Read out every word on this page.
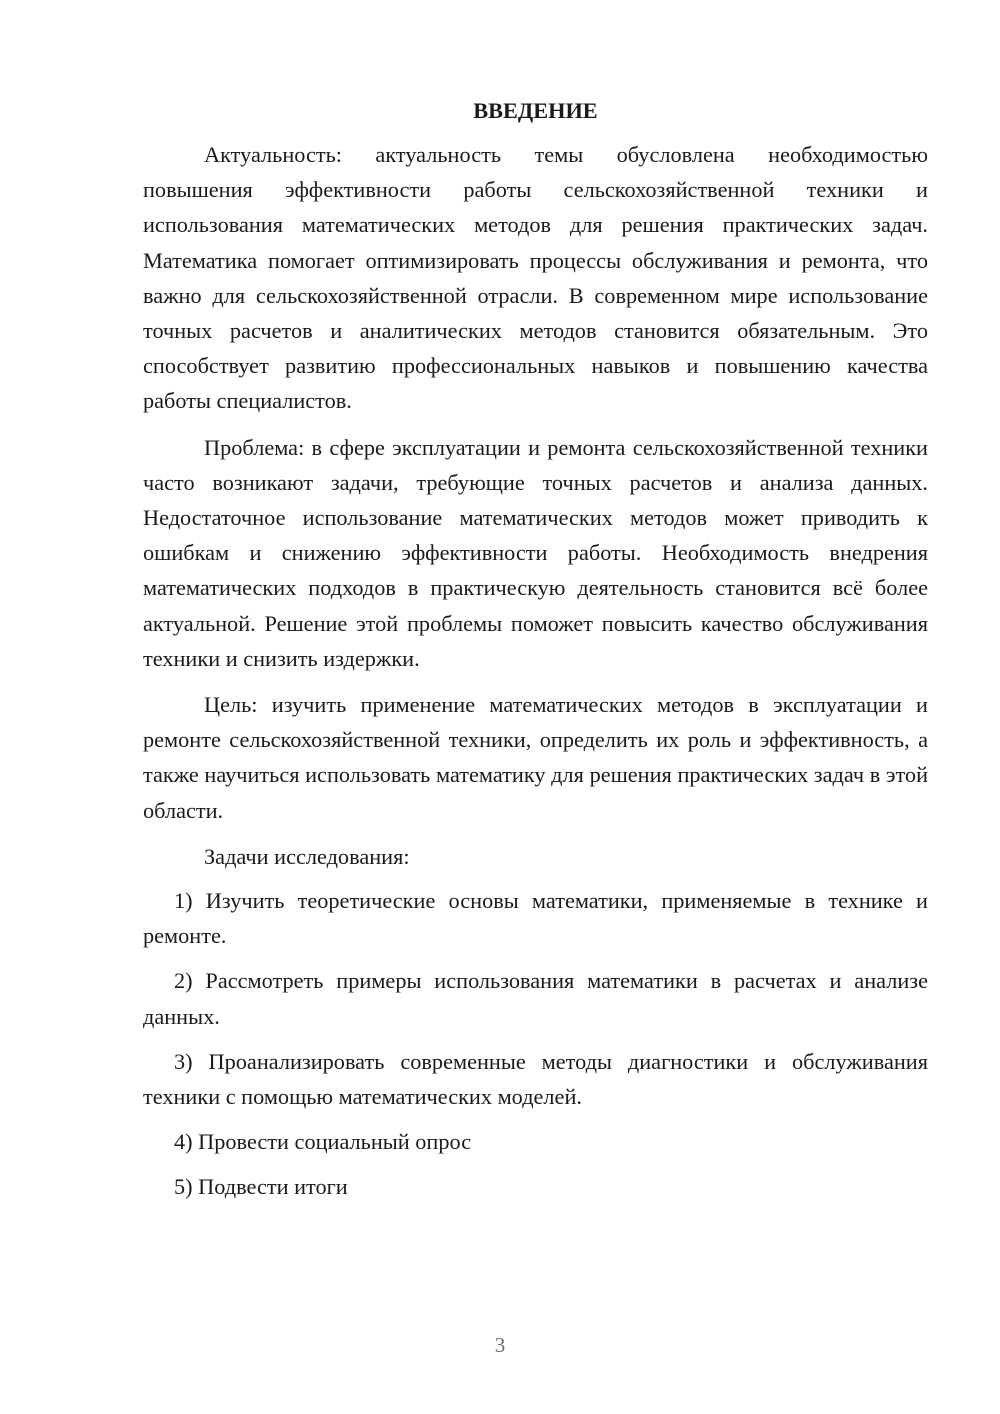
ВВЕДЕНИЕ

Актуальность: актуальность темы обусловлена необходимостью повышения эффективности работы сельскохозяйственной техники и использования математических методов для решения практических задач. Математика помогает оптимизировать процессы обслуживания и ремонта, что важно для сельскохозяйственной отрасли. В современном мире использование точных расчетов и аналитических методов становится обязательным. Это способствует развитию профессиональных навыков и повышению качества работы специалистов.

Проблема: в сфере эксплуатации и ремонта сельскохозяйственной техники часто возникают задачи, требующие точных расчетов и анализа данных. Недостаточное использование математических методов может приводить к ошибкам и снижению эффективности работы. Необходимость внедрения математических подходов в практическую деятельность становится всё более актуальной. Решение этой проблемы поможет повысить качество обслуживания техники и снизить издержки.

Цель: изучить применение математических методов в эксплуатации и ремонте сельскохозяйственной техники, определить их роль и эффективность, а также научиться использовать математику для решения практических задач в этой области.

Задачи исследования:

1) Изучить теоретические основы математики, применяемые в технике и ремонте.

2) Рассмотреть примеры использования математики в расчетах и анализе данных.

3) Проанализировать современные методы диагностики и обслуживания техники с помощью математических моделей.

4) Провести социальный опрос

5) Подвести итоги

3
